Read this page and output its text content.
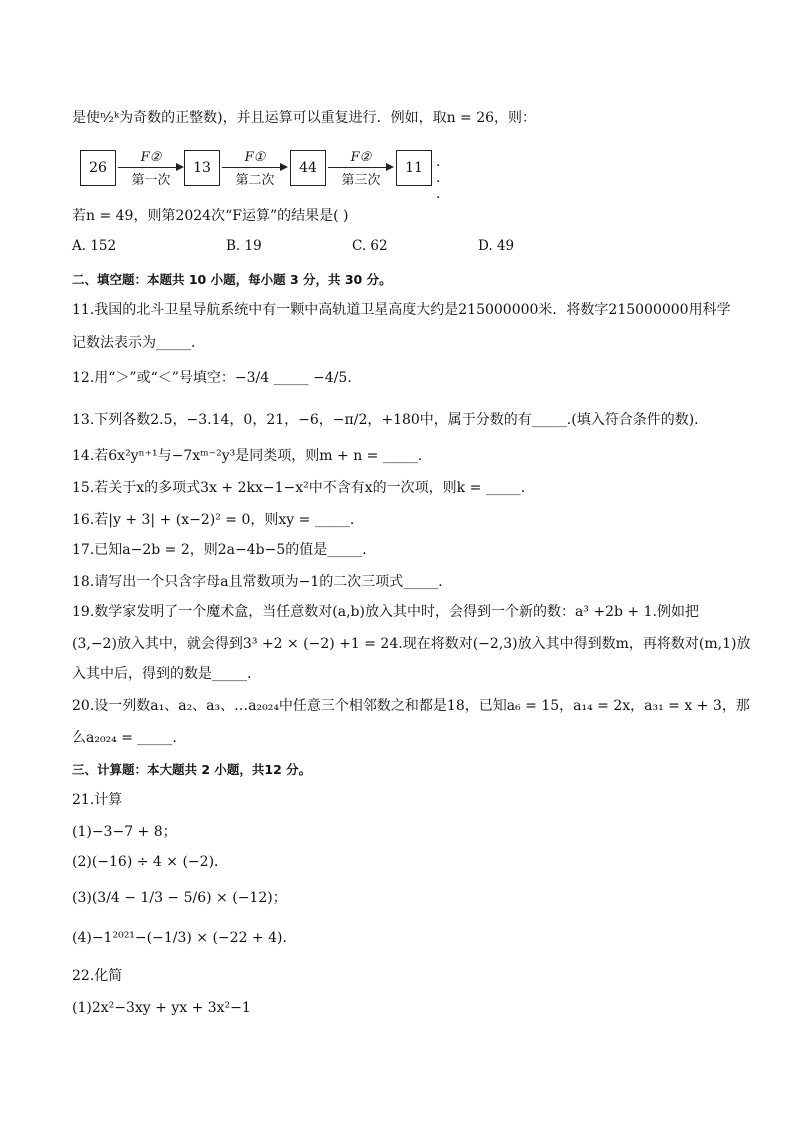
是使ⁿ⁄₂ᵏ为奇数的正整数)，并且运算可以重复进行．例如，取n = 26，则：
26
F②
第一次
13
F①
第二次
44
F②
第三次
11 · · ·
若n = 49，则第2024次“F运算”的结果是( )
A. 152	B. 19	C. 62	D. 49
二、填空题：本题共 10 小题，每小题 3 分，共 30 分。
11.我国的北斗卫星导航系统中有一颗中高轨道卫星高度大约是215000000米．将数字215000000用科学
记数法表示为_____．
12.用“＞”或“＜”号填空：−3/4 _____ −4/5.
13.下列各数2.5，−3.14，0，21，−6，−π/2，+180中，属于分数的有_____.(填入符合条件的数)．
14.若6x²yⁿ⁺¹与−7xᵐ⁻²y³是同类项，则m + n = _____.
15.若关于x的多项式3x + 2kx−1−x²中不含有x的一次项，则k = _____.
16.若|y + 3| + (x−2)² = 0，则xy = _____.
17.已知a−2b = 2，则2a−4b−5的值是_____．
18.请写出一个只含字母a且常数项为−1的二次三项式_____．
19.数学家发明了一个魔术盒，当任意数对(a,b)放入其中时，会得到一个新的数：a³ +2b + 1.例如把
(3,−2)放入其中，就会得到3³ +2 × (−2) +1 = 24.现在将数对(−2,3)放入其中得到数m，再将数对(m,1)放
入其中后，得到的数是_____.
20.设一列数a₁、a₂、a₃、…a₂₀₂₄中任意三个相邻数之和都是18，已知a₆ = 15，a₁₄ = 2x，a₃₁ = x + 3，那
么a₂₀₂₄ = _____.
三、计算题：本大题共 2 小题，共12 分。
21.计算
(1)−3−7 + 8；
(2)(−16) ÷ 4 × (−2)．
(3)(3/4 − 1/3 − 5/6) × (−12)；
(4)−1²⁰²¹−(−1/3) × (−22 + 4)．
22.化简
(1)2x²−3xy + yx + 3x²−1
